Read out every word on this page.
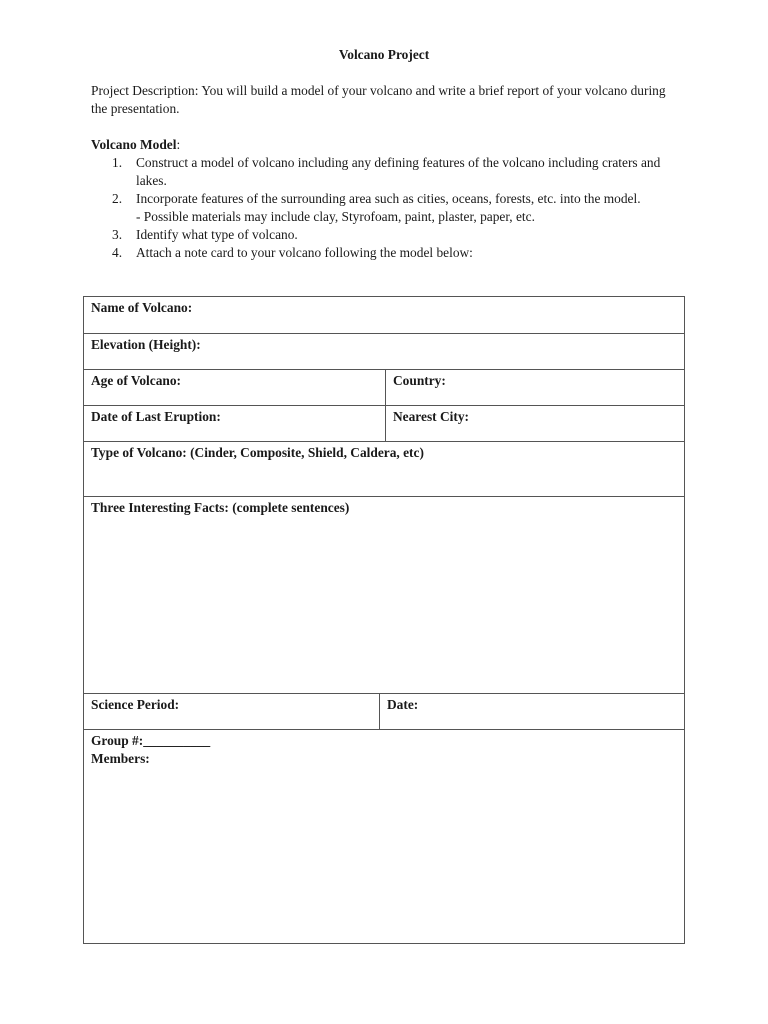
Volcano Project
Project Description: You will build a model of your volcano and write a brief report of your volcano during the presentation.
Volcano Model:
1. Construct a model of volcano including any defining features of the volcano including craters and lakes.
2. Incorporate features of the surrounding area such as cities, oceans, forests, etc. into the model.
- Possible materials may include clay, Styrofoam, paint, plaster, paper, etc.
3. Identify what type of volcano.
4. Attach a note card to your volcano following the model below:
Name of Volcano:
Elevation (Height):
Age of Volcano:	Country:
Date of Last Eruption:	Nearest City:
Type of Volcano: (Cinder, Composite, Shield, Caldera, etc)
Three Interesting Facts: (complete sentences)
Science Period:	Date:
Group #:__________
Members:
